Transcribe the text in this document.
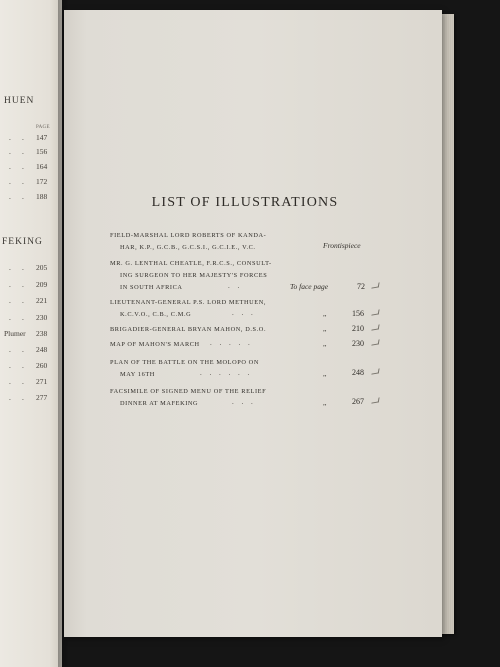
HUEN
PAGE
. . 147
. . 156
. . 164
. . 172
. . 188
FEKING
. . 205
. . 209
. . 221
. . 230
Plumer 238
. . 248
. . 260
. . 271
. . 277
LIST OF ILLUSTRATIONS
FIELD-MARSHAL LORD ROBERTS OF KANDA-
HAR, K.P., G.C.B., G.C.S.I., G.C.I.E., V.C.	Frontispiece
MR. G. LENTHAL CHEATLE, F.R.C.S., CONSULT-
ING SURGEON TO HER MAJESTY'S FORCES
IN SOUTH AFRICA	. .	To face page	72
LIEUTENANT-GENERAL P.S. LORD METHUEN,
K.C.V.O., C.B., C.M.G	. . .	,,	156
BRIGADIER-GENERAL BRYAN MAHON, D.S.O.	,,	210
MAP OF MAHON'S MARCH	. . . . .	,,	230
PLAN OF THE BATTLE ON THE MOLOPO ON
MAY 16TH	. . . . . .	,,	248
FACSIMILE OF SIGNED MENU OF THE RELIEF
DINNER AT MAFEKING	. . .	,,	267
